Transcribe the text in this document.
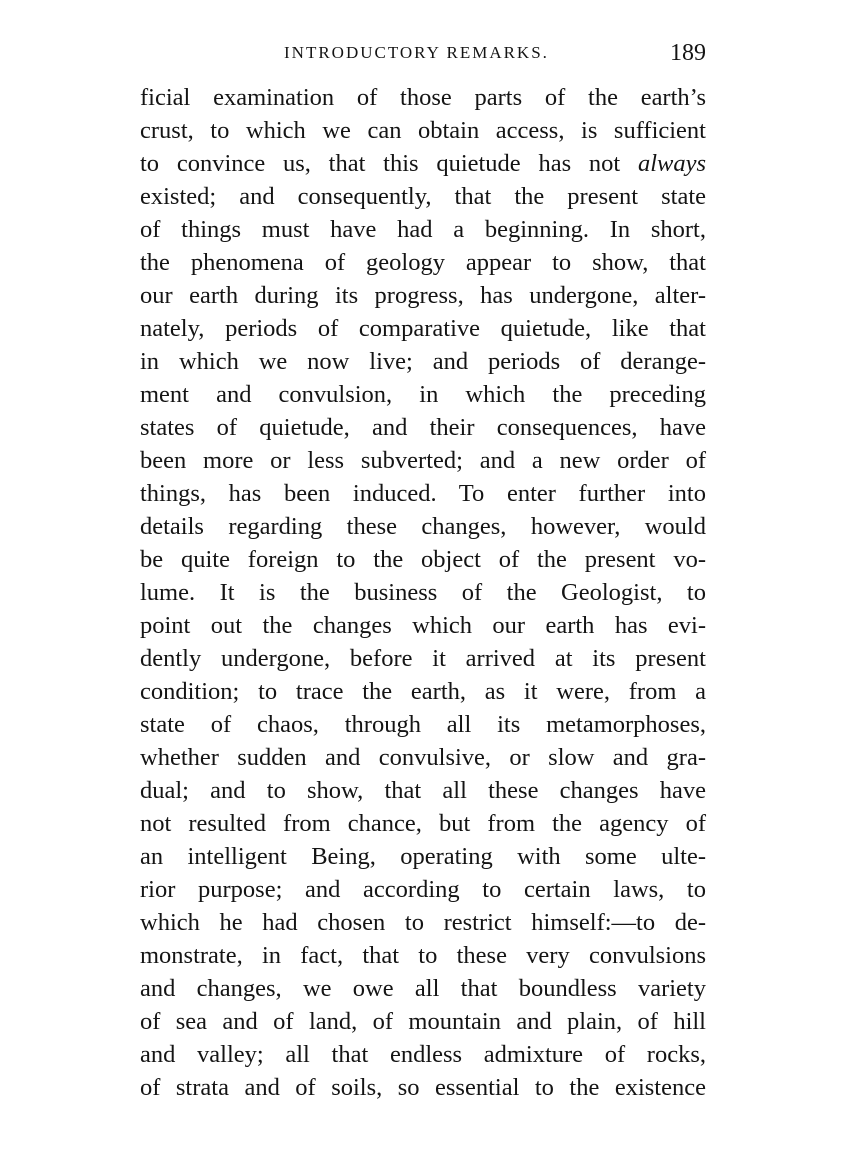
INTRODUCTORY REMARKS.	189
ficial examination of those parts of the earth’s
crust, to which we can obtain access, is sufficient
to convince us, that this quietude has not always
existed; and consequently, that the present state
of things must have had a beginning. In short,
the phenomena of geology appear to show, that
our earth during its progress, has undergone, alter-
nately, periods of comparative quietude, like that
in which we now live; and periods of derange-
ment and convulsion, in which the preceding
states of quietude, and their consequences, have
been more or less subverted; and a new order of
things, has been induced. To enter further into
details regarding these changes, however, would
be quite foreign to the object of the present vo-
lume. It is the business of the Geologist, to
point out the changes which our earth has evi-
dently undergone, before it arrived at its present
condition; to trace the earth, as it were, from a
state of chaos, through all its metamorphoses,
whether sudden and convulsive, or slow and gra-
dual; and to show, that all these changes have
not resulted from chance, but from the agency of
an intelligent Being, operating with some ulte-
rior purpose; and according to certain laws, to
which he had chosen to restrict himself:—to de-
monstrate, in fact, that to these very convulsions
and changes, we owe all that boundless variety
of sea and of land, of mountain and plain, of hill
and valley; all that endless admixture of rocks,
of strata and of soils, so essential to the existence
